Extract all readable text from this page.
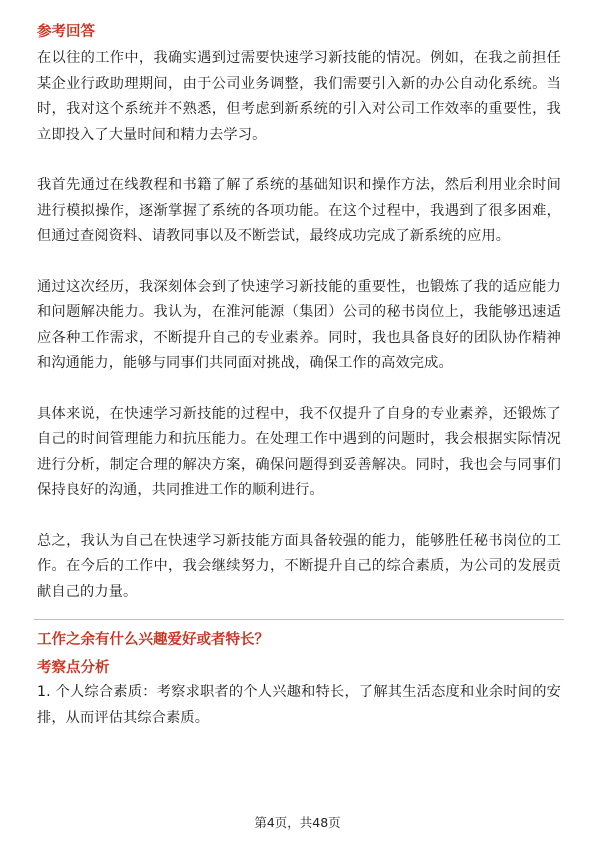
参考回答

在以往的工作中，我确实遇到过需要快速学习新技能的情况。例如，在我之前担任某企业行政助理期间，由于公司业务调整，我们需要引入新的办公自动化系统。当时，我对这个系统并不熟悉，但考虑到新系统的引入对公司工作效率的重要性，我立即投入了大量时间和精力去学习。

我首先通过在线教程和书籍了解了系统的基础知识和操作方法，然后利用业余时间进行模拟操作，逐渐掌握了系统的各项功能。在这个过程中，我遇到了很多困难，但通过查阅资料、请教同事以及不断尝试，最终成功完成了新系统的应用。

通过这次经历，我深刻体会到了快速学习新技能的重要性，也锻炼了我的适应能力和问题解决能力。我认为，在淮河能源（集团）公司的秘书岗位上，我能够迅速适应各种工作需求，不断提升自己的专业素养。同时，我也具备良好的团队协作精神和沟通能力，能够与同事们共同面对挑战，确保工作的高效完成。

具体来说，在快速学习新技能的过程中，我不仅提升了自身的专业素养，还锻炼了自己的时间管理能力和抗压能力。在处理工作中遇到的问题时，我会根据实际情况进行分析，制定合理的解决方案，确保问题得到妥善解决。同时，我也会与同事们保持良好的沟通，共同推进工作的顺利进行。

总之，我认为自己在快速学习新技能方面具备较强的能力，能够胜任秘书岗位的工作。在今后的工作中，我会继续努力，不断提升自己的综合素质，为公司的发展贡献自己的力量。

工作之余有什么兴趣爱好或者特长？
考察点分析

1. 个人综合素质：考察求职者的个人兴趣和特长，了解其生活态度和业余时间的安排，从而评估其综合素质。

第4页，共48页
